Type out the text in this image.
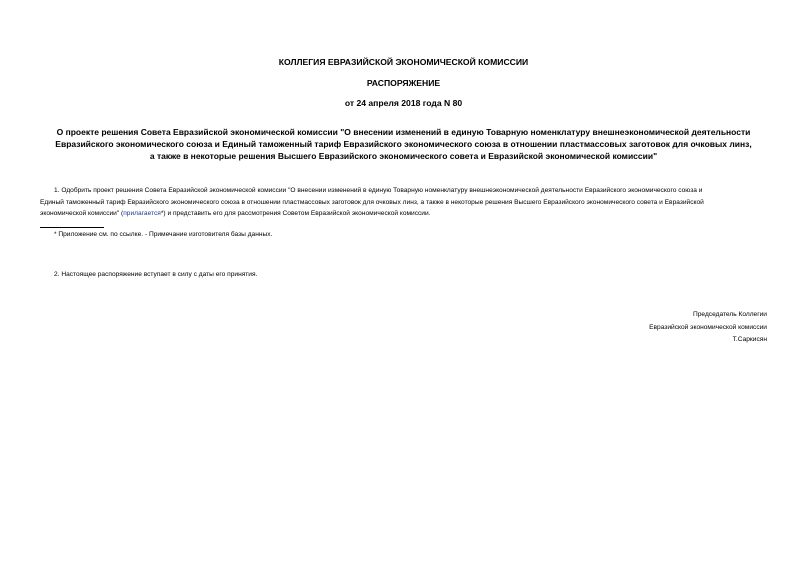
КОЛЛЕГИЯ ЕВРАЗИЙСКОЙ ЭКОНОМИЧЕСКОЙ КОМИССИИ
РАСПОРЯЖЕНИЕ
от 24 апреля 2018 года N 80
О проекте решения Совета Евразийской экономической комиссии "О внесении изменений в единую Товарную номенклатуру внешнеэкономической деятельности
Евразийского экономического союза и Единый таможенный тариф Евразийского экономического союза в отношении пластмассовых заготовок для очковых линз,
а также в некоторые решения Высшего Евразийского экономического совета и Евразийской экономической комиссии"
1. Одобрить проект решения Совета Евразийской экономической комиссии "О внесении изменений в единую Товарную номенклатуру внешнеэкономической деятельности Евразийского экономического союза и
Единый таможенный тариф Евразийского экономического союза в отношении пластмассовых заготовок для очковых линз, а также в некоторые решения Высшего Евразийского экономического совета и Евразийской
экономической комиссии" (прилагается*) и представить его для рассмотрения Советом Евразийской экономической комиссии.
* Приложение см. по ссылке. - Примечание изготовителя базы данных.
2. Настоящее распоряжение вступает в силу с даты его принятия.
Председатель Коллегии
Евразийской экономической комиссии
Т.Саркисян
